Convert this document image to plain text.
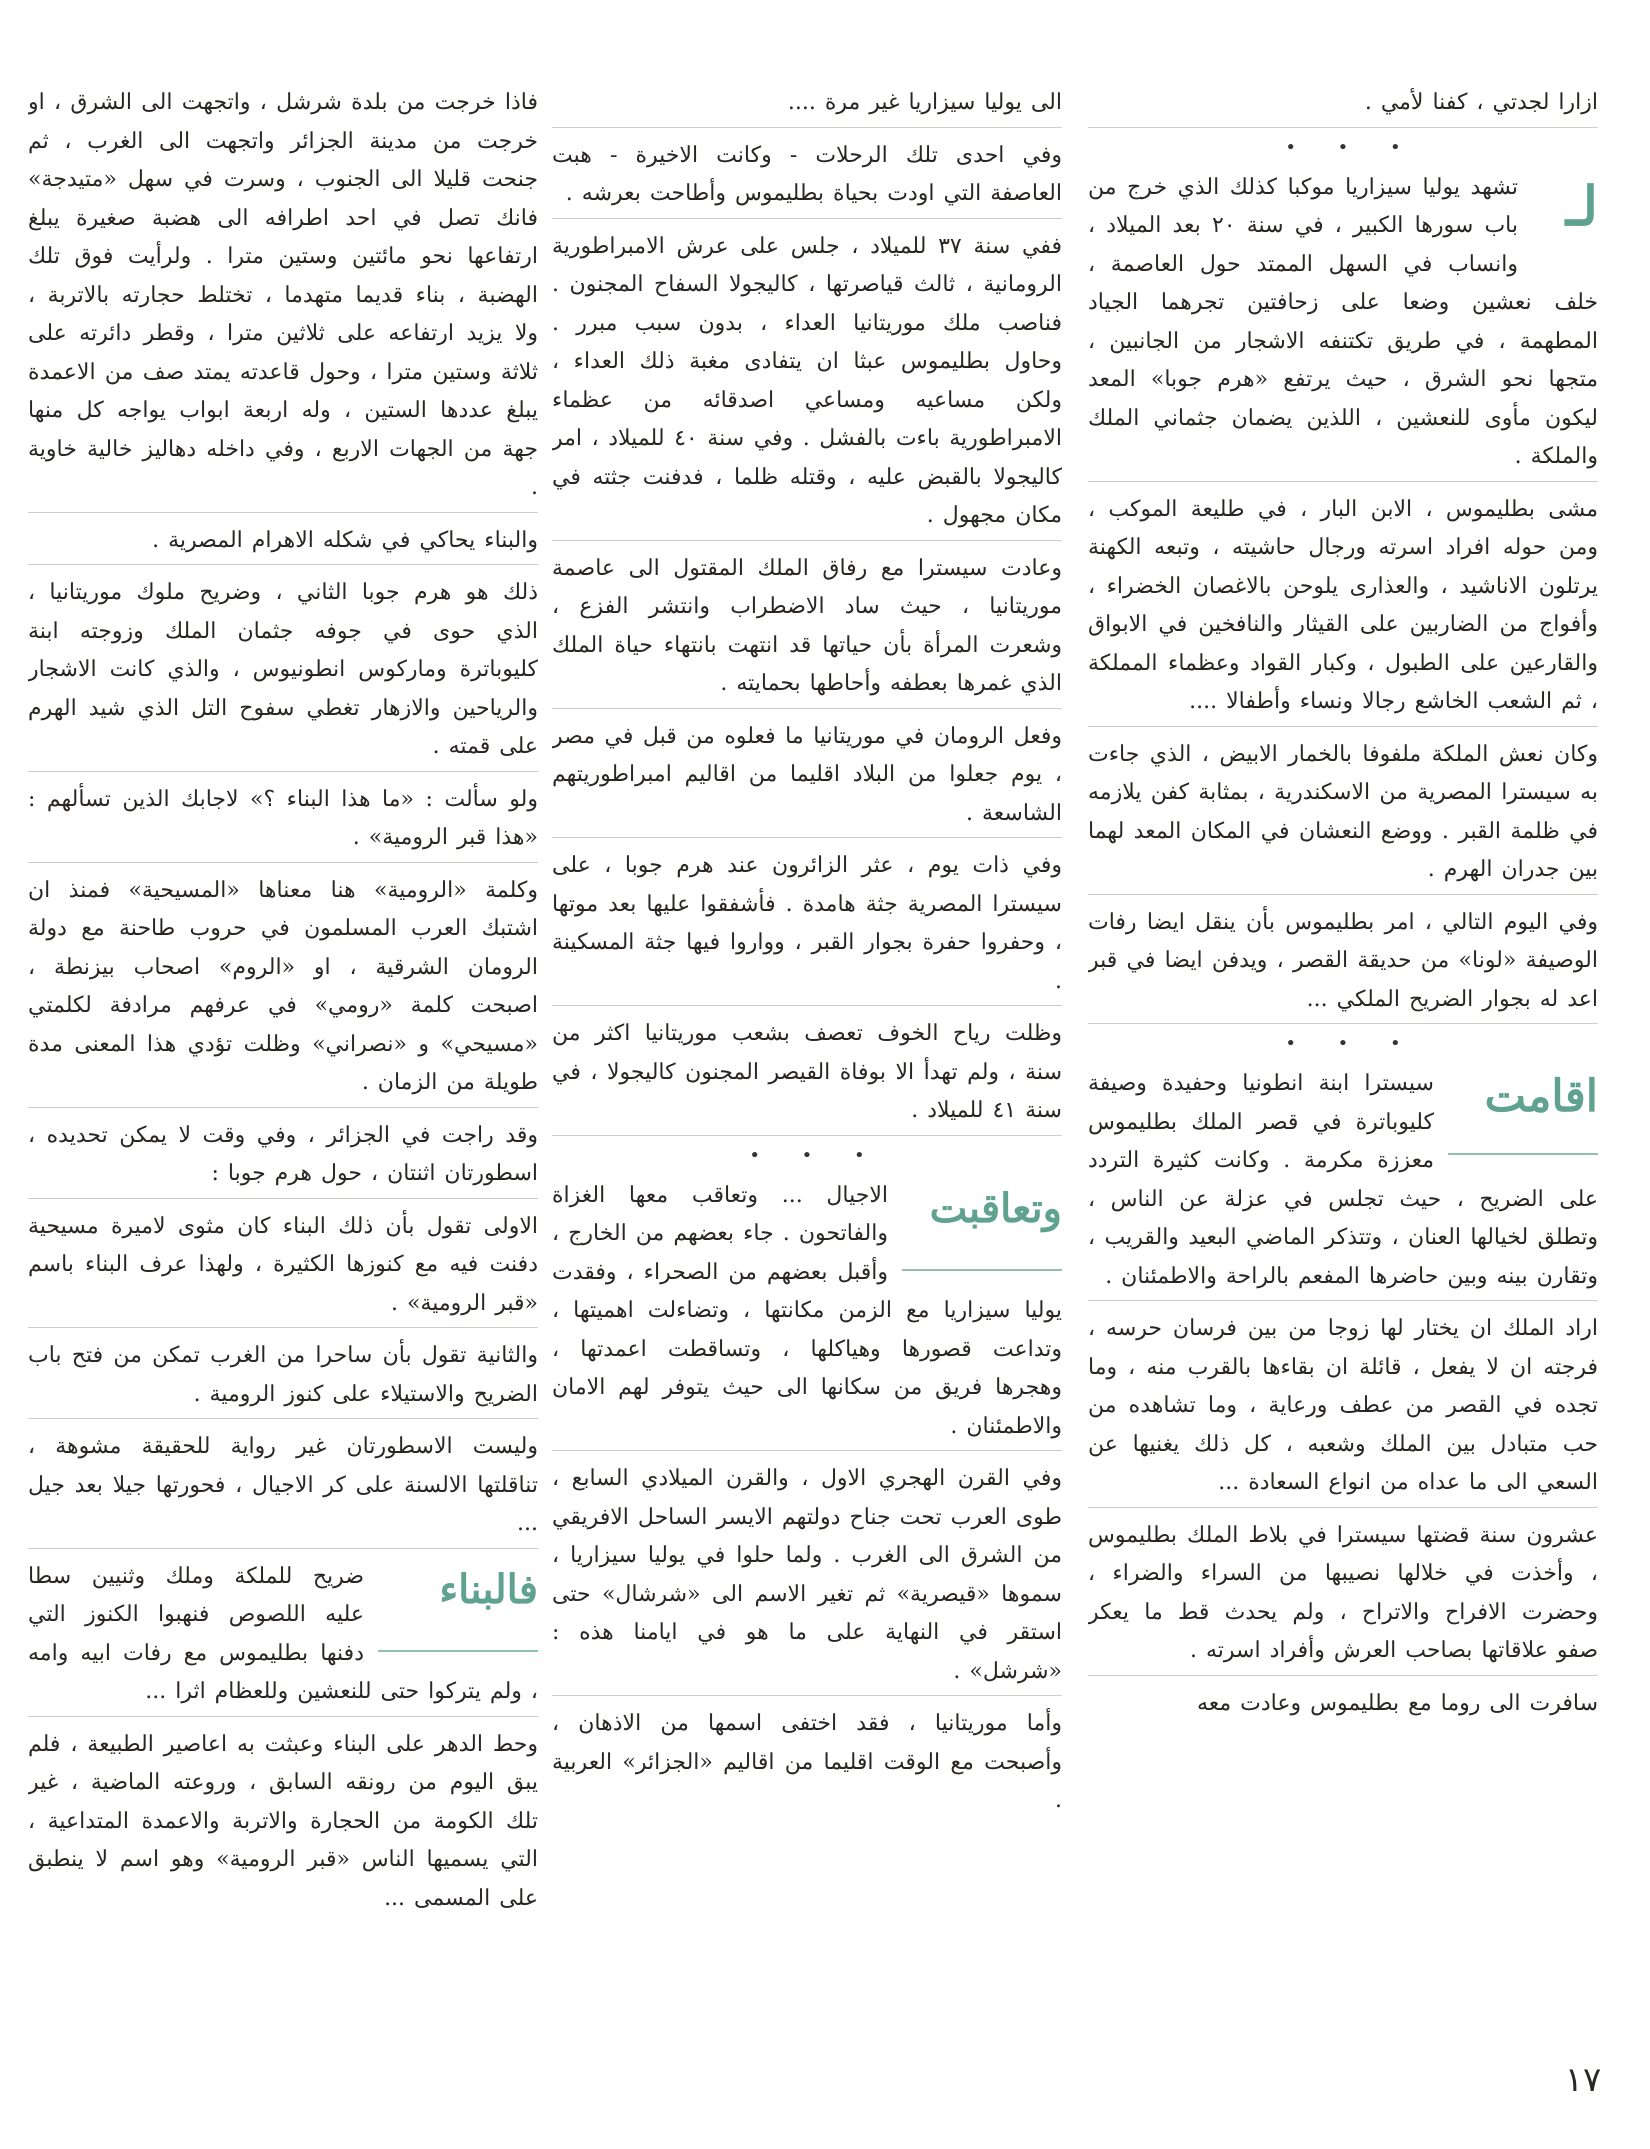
ازارا لجدتي ، كفنا لأمي .

• • •

لـ
تشهد يوليا سيزاريا موكبا كذلك الذي خرج من باب سورها الكبير ، في سنة ٢٠ بعد الميلاد ، وانساب في السهل الممتد حول العاصمة ، خلف نعشين وضعا على زحافتين تجرهما الجياد المطهمة ، في طريق تكتنفه الاشجار من الجانبين ، متجها نحو الشرق ، حيث يرتفع «هرم جوبا» المعد ليكون مأوى للنعشين ، اللذين يضمان جثماني الملك والملكة .

مشى بطليموس ، الابن البار ، في طليعة الموكب ، ومن حوله افراد اسرته ورجال حاشيته ، وتبعه الكهنة يرتلون الاناشيد ، والعذارى يلوحن بالاغصان الخضراء ، وأفواج من الضاربين على القيثار والنافخين في الابواق والقارعين على الطبول ، وكبار القواد وعظماء المملكة ، ثم الشعب الخاشع رجالا ونساء وأطفالا ....

وكان نعش الملكة ملفوفا بالخمار الابيض ، الذي جاءت به سيسترا المصرية من الاسكندرية ، بمثابة كفن يلازمه في ظلمة القبر . ووضع النعشان في المكان المعد لهما بين جدران الهرم .

وفي اليوم التالي ، امر بطليموس بأن ينقل ايضا رفات الوصيفة «لونا» من حديقة القصر ، ويدفن ايضا في قبر اعد له بجوار الضريح الملكي ...

• • •

اقامت
سيسترا ابنة انطونيا وحفيدة وصيفة كليوباترة في قصر الملك بطليموس معززة مكرمة . وكانت كثيرة التردد على الضريح ، حيث تجلس في عزلة عن الناس ، وتطلق لخيالها العنان ، وتتذكر الماضي البعيد والقريب ، وتقارن بينه وبين حاضرها المفعم بالراحة والاطمئنان .

اراد الملك ان يختار لها زوجا من بين فرسان حرسه ، فرجته ان لا يفعل ، قائلة ان بقاءها بالقرب منه ، وما تجده في القصر من عطف ورعاية ، وما تشاهده من حب متبادل بين الملك وشعبه ، كل ذلك يغنيها عن السعي الى ما عداه من انواع السعادة ...

عشرون سنة قضتها سيسترا في بلاط الملك بطليموس ، وأخذت في خلالها نصيبها من السراء والضراء ، وحضرت الافراح والاتراح ، ولم يحدث قط ما يعكر صفو علاقاتها بصاحب العرش وأفراد اسرته .

سافرت الى روما مع بطليموس وعادت معه

الى يوليا سيزاريا غير مرة ....

وفي احدى تلك الرحلات - وكانت الاخيرة - هبت العاصفة التي اودت بحياة بطليموس وأطاحت بعرشه .

ففي سنة ٣٧ للميلاد ، جلس على عرش الامبراطورية الرومانية ، ثالث قياصرتها ، كاليجولا السفاح المجنون . فناصب ملك موريتانيا العداء ، بدون سبب مبرر . وحاول بطليموس عبثا ان يتفادى مغبة ذلك العداء ، ولكن مساعيه ومساعي اصدقائه من عظماء الامبراطورية باءت بالفشل . وفي سنة ٤٠ للميلاد ، امر كاليجولا بالقبض عليه ، وقتله ظلما ، فدفنت جثته في مكان مجهول .

وعادت سيسترا مع رفاق الملك المقتول الى عاصمة موريتانيا ، حيث ساد الاضطراب وانتشر الفزع ، وشعرت المرأة بأن حياتها قد انتهت بانتهاء حياة الملك الذي غمرها بعطفه وأحاطها بحمايته .

وفعل الرومان في موريتانيا ما فعلوه من قبل في مصر ، يوم جعلوا من البلاد اقليما من اقاليم امبراطوريتهم الشاسعة .

وفي ذات يوم ، عثر الزائرون عند هرم جوبا ، على سيسترا المصرية جثة هامدة . فأشفقوا عليها بعد موتها ، وحفروا حفرة بجوار القبر ، وواروا فيها جثة المسكينة .

وظلت رياح الخوف تعصف بشعب موريتانيا اكثر من سنة ، ولم تهدأ الا بوفاة القيصر المجنون كاليجولا ، في سنة ٤١ للميلاد .

• • •

وتعاقبت
الاجيال ... وتعاقب معها الغزاة والفاتحون . جاء بعضهم من الخارج ، وأقبل بعضهم من الصحراء ، وفقدت يوليا سيزاريا مع الزمن مكانتها ، وتضاءلت اهميتها ، وتداعت قصورها وهياكلها ، وتساقطت اعمدتها ، وهجرها فريق من سكانها الى حيث يتوفر لهم الامان والاطمئنان .

وفي القرن الهجري الاول ، والقرن الميلادي السابع ، طوى العرب تحت جناح دولتهم الايسر الساحل الافريقي من الشرق الى الغرب . ولما حلوا في يوليا سيزاريا ، سموها «قيصرية» ثم تغير الاسم الى «شرشال» حتى استقر في النهاية على ما هو في ايامنا هذه : «شرشل» .

وأما موريتانيا ، فقد اختفى اسمها من الاذهان ، وأصبحت مع الوقت اقليما من اقاليم «الجزائر» العربية .

فاذا خرجت من بلدة شرشل ، واتجهت الى الشرق ، او خرجت من مدينة الجزائر واتجهت الى الغرب ، ثم جنحت قليلا الى الجنوب ، وسرت في سهل «متيدجة» فانك تصل في احد اطرافه الى هضبة صغيرة يبلغ ارتفاعها نحو مائتين وستين مترا . ولرأيت فوق تلك الهضبة ، بناء قديما متهدما ، تختلط حجارته بالاتربة ، ولا يزيد ارتفاعه على ثلاثين مترا ، وقطر دائرته على ثلاثة وستين مترا ، وحول قاعدته يمتد صف من الاعمدة يبلغ عددها الستين ، وله اربعة ابواب يواجه كل منها جهة من الجهات الاربع ، وفي داخله دهاليز خالية خاوية .

والبناء يحاكي في شكله الاهرام المصرية .

ذلك هو هرم جوبا الثاني ، وضريح ملوك موريتانيا ، الذي حوى في جوفه جثمان الملك وزوجته ابنة كليوباترة وماركوس انطونيوس ، والذي كانت الاشجار والرياحين والازهار تغطي سفوح التل الذي شيد الهرم على قمته .

ولو سألت : «ما هذا البناء ؟» لاجابك الذين تسألهم : «هذا قبر الرومية» .

وكلمة «الرومية» هنا معناها «المسيحية» فمنذ ان اشتبك العرب المسلمون في حروب طاحنة مع دولة الرومان الشرقية ، او «الروم» اصحاب بيزنطة ، اصبحت كلمة «رومي» في عرفهم مرادفة لكلمتي «مسيحي» و «نصراني» وظلت تؤدي هذا المعنى مدة طويلة من الزمان .

وقد راجت في الجزائر ، وفي وقت لا يمكن تحديده ، اسطورتان اثنتان ، حول هرم جوبا :

الاولى تقول بأن ذلك البناء كان مثوى لاميرة مسيحية دفنت فيه مع كنوزها الكثيرة ، ولهذا عرف البناء باسم «قبر الرومية» .

والثانية تقول بأن ساحرا من الغرب تمكن من فتح باب الضريح والاستيلاء على كنوز الرومية .

وليست الاسطورتان غير رواية للحقيقة مشوهة ، تناقلتها الالسنة على كر الاجيال ، فحورتها جيلا بعد جيل ...

فالبناء
ضريح للملكة وملك وثنيين سطا عليه اللصوص فنهبوا الكنوز التي دفنها بطليموس مع رفات ابيه وامه ، ولم يتركوا حتى للنعشين وللعظام اثرا ...

وحط الدهر على البناء وعبثت به اعاصير الطبيعة ، فلم يبق اليوم من رونقه السابق ، وروعته الماضية ، غير تلك الكومة من الحجارة والاتربة والاعمدة المتداعية ، التي يسميها الناس «قبر الرومية» وهو اسم لا ينطبق على المسمى ...

١٧
